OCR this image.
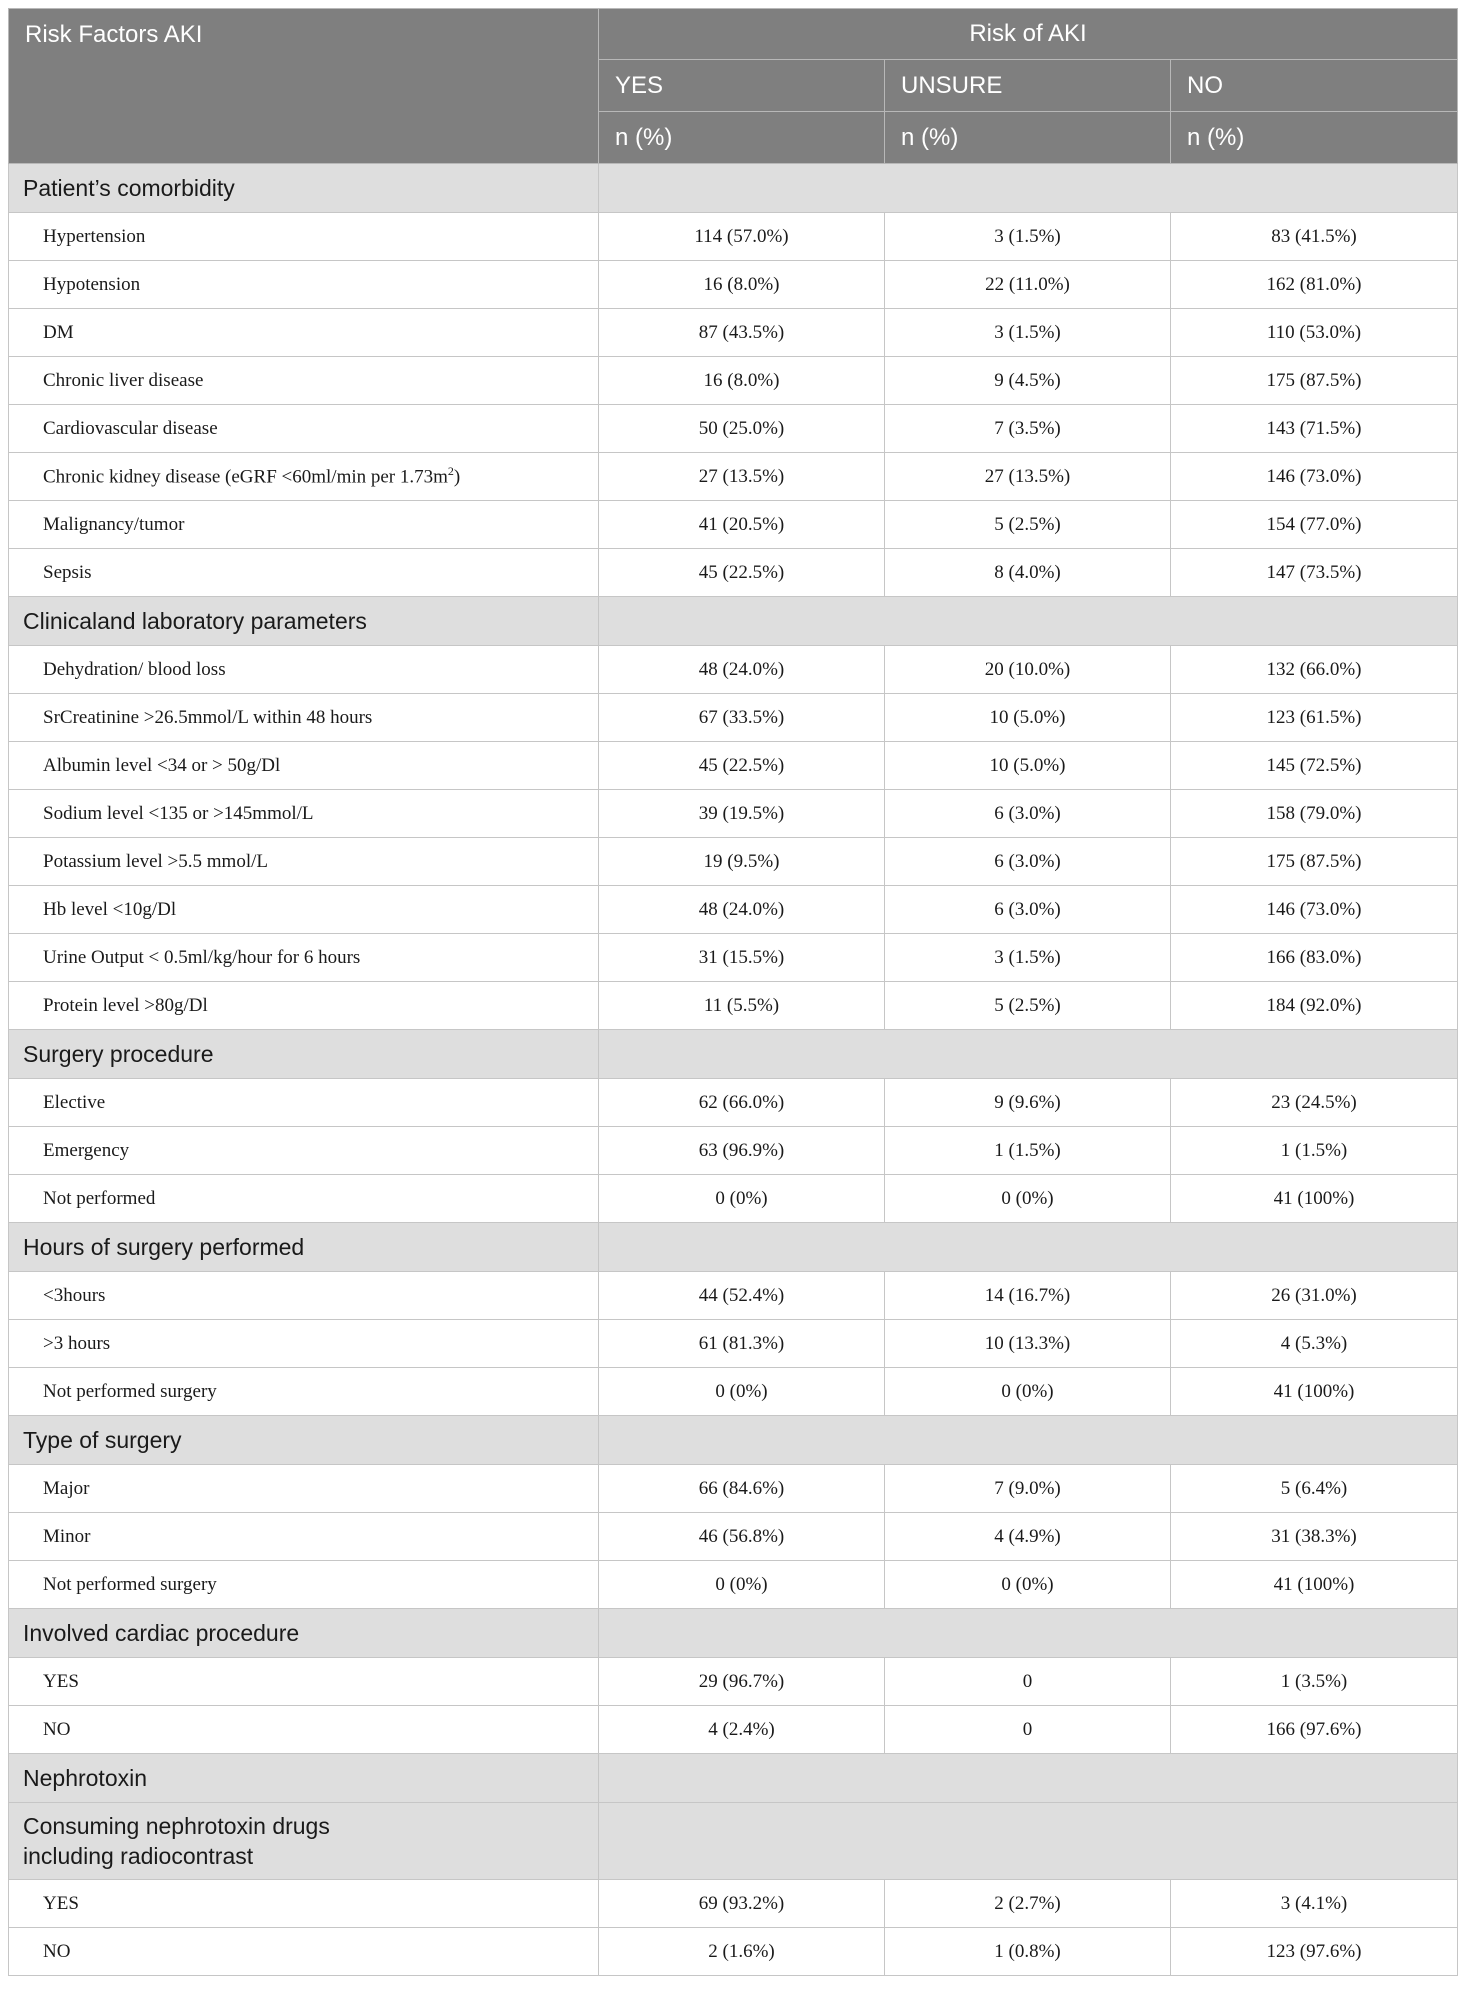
Risk Factors AKI	Risk of AKI		
	YES	UNSURE	NO
	n (%)	n (%)	n (%)
Patient’s comorbidity			
Hypertension	114 (57.0%)	3 (1.5%)	83 (41.5%)
Hypotension	16 (8.0%)	22 (11.0%)	162 (81.0%)
DM	87 (43.5%)	3 (1.5%)	110 (53.0%)
Chronic liver disease	16 (8.0%)	9 (4.5%)	175 (87.5%)
Cardiovascular disease	50 (25.0%)	7 (3.5%)	143 (71.5%)
Chronic kidney disease (eGRF <60ml/min per $1.73m^2$)	27 (13.5%)	27 (13.5%)	146 (73.0%)
Malignancy/tumor	41 (20.5%)	5 (2.5%)	154 (77.0%)
Sepsis	45 (22.5%)	8 (4.0%)	147 (73.5%)
Clinicaland laboratory parameters			
Dehydration/ blood loss	48 (24.0%)	20 (10.0%)	132 (66.0%)
SrCreatinine >26.5mmol/L within 48 hours	67 (33.5%)	10 (5.0%)	123 (61.5%)
Albumin level <34 or > 50g/Dl	45 (22.5%)	10 (5.0%)	145 (72.5%)
Sodium level <135 or >145mmol/L	39 (19.5%)	6 (3.0%)	158 (79.0%)
Potassium level >5.5 mmol/L	19 (9.5%)	6 (3.0%)	175 (87.5%)
Hb level <10g/Dl	48 (24.0%)	6 (3.0%)	146 (73.0%)
Urine Output < 0.5ml/kg/hour for 6 hours	31 (15.5%)	3 (1.5%)	166 (83.0%)
Protein level >80g/Dl	11 (5.5%)	5 (2.5%)	184 (92.0%)
Surgery procedure			
Elective	62 (66.0%)	9 (9.6%)	23 (24.5%)
Emergency	63 (96.9%)	1 (1.5%)	1 (1.5%)
Not performed	0 (0%)	0 (0%)	41 (100%)
Hours of surgery performed			
<3hours	44 (52.4%)	14 (16.7%)	26 (31.0%)
>3 hours	61 (81.3%)	10 (13.3%)	4 (5.3%)
Not performed surgery	0 (0%)	0 (0%)	41 (100%)
Type of surgery			
Major	66 (84.6%)	7 (9.0%)	5 (6.4%)
Minor	46 (56.8%)	4 (4.9%)	31 (38.3%)
Not performed surgery	0 (0%)	0 (0%)	41 (100%)
Involved cardiac procedure			
YES	29 (96.7%)	0	1 (3.5%)
NO	4 (2.4%)	0	166 (97.6%)
Nephrotoxin			

Consuming nephrotoxin drugs
including radiocontrast			

YES	69 (93.2%)	2 (2.7%)	3 (4.1%)
NO	2 (1.6%)	1 (0.8%)	123 (97.6%)
